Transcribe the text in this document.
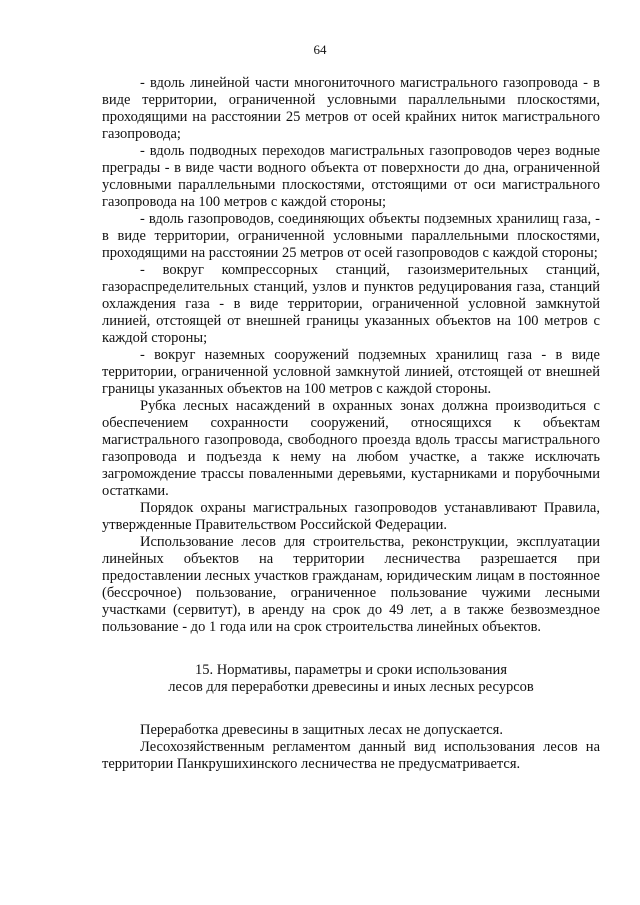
64

- вдоль линейной части многониточного магистрального газопровода - в виде территории, ограниченной условными параллельными плоскостями, проходящими на расстоянии 25 метров от осей крайних ниток магистрального газопровода;

- вдоль подводных переходов магистральных газопроводов через водные преграды - в виде части водного объекта от поверхности до дна, ограниченной условными параллельными плоскостями, отстоящими от оси магистрального газопровода на 100 метров с каждой стороны;

- вдоль газопроводов, соединяющих объекты подземных хранилищ газа, - в виде территории, ограниченной условными параллельными плоскостями, проходящими на расстоянии 25 метров от осей газопроводов с каждой стороны;

- вокруг компрессорных станций, газоизмерительных станций, газораспределительных станций, узлов и пунктов редуцирования газа, станций охлаждения газа - в виде территории, ограниченной условной замкнутой линией, отстоящей от внешней границы указанных объектов на 100 метров с каждой стороны;

- вокруг наземных сооружений подземных хранилищ газа - в виде территории, ограниченной условной замкнутой линией, отстоящей от внешней границы указанных объектов на 100 метров с каждой стороны.

Рубка лесных насаждений в охранных зонах должна производиться с обеспечением сохранности сооружений, относящихся к объектам магистрального газопровода, свободного проезда вдоль трассы магистрального газопровода и подъезда к нему на любом участке, а также исключать загромождение трассы поваленными деревьями, кустарниками и порубочными остатками.

Порядок охраны магистральных газопроводов устанавливают Правила, утвержденные Правительством Российской Федерации.

Использование лесов для строительства, реконструкции, эксплуатации линейных объектов на территории лесничества разрешается при предоставлении лесных участков гражданам, юридическим лицам в постоянное (бессрочное) пользование, ограниченное пользование чужими лесными участками (сервитут), в аренду на срок до 49 лет, а в также безвозмездное пользование - до 1 года или на срок строительства линейных объектов.

15. Нормативы, параметры и сроки использования
лесов для переработки древесины и иных лесных ресурсов

Переработка древесины в защитных лесах не допускается.

Лесохозяйственным регламентом данный вид использования лесов на территории Панкрушихинского лесничества не предусматривается.
